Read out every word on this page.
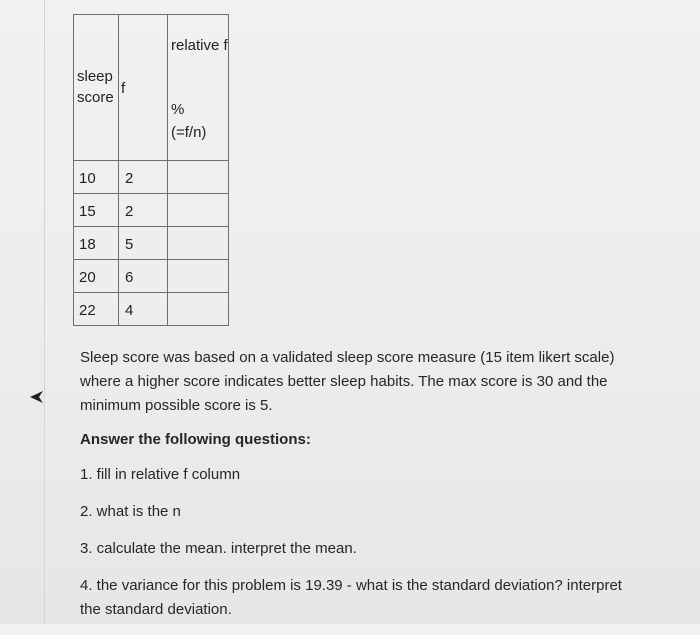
sleep score	f	relative f
%
(=f/n)

10	2	

15	2	

18	5	

20	6	

22	4	

Sleep score was based on a validated sleep score measure (15 item likert scale) where a higher score indicates better sleep habits. The max score is 30 and the minimum possible score is 5.

Answer the following questions:

1. fill in relative f column

2. what is the n

3. calculate the mean. interpret the mean.

4. the variance for this problem is 19.39 - what is the standard deviation? interpret the standard deviation.
